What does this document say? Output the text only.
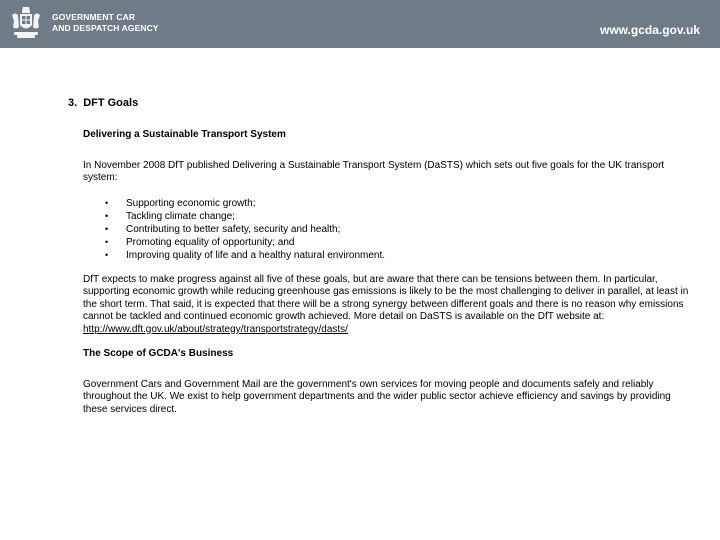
GOVERNMENT CAR
AND DESPATCH AGENCY	www.gcda.gov.uk
3. DFT Goals
Delivering a Sustainable Transport System
In November 2008 DfT published Delivering a Sustainable Transport System (DaSTS) which sets out five goals for the UK transport system:
• Supporting economic growth;
• Tackling climate change;
• Contributing to better safety, security and health;
• Promoting equality of opportunity; and
• Improving quality of life and a healthy natural environment.
DfT expects to make progress against all five of these goals, but are aware that there can be tensions between them. In particular, supporting economic growth while reducing greenhouse gas emissions is likely to be the most challenging to deliver in parallel, at least in the short term. That said, it is expected that there will be a strong synergy between different goals and there is no reason why emissions cannot be tackled and continued economic growth achieved. More detail on DaSTS is available on the DfT website at: http://www.dft.gov.uk/about/strategy/transportstrategy/dasts/
The Scope of GCDA's Business
Government Cars and Government Mail are the government's own services for moving people and documents safely and reliably throughout the UK. We exist to help government departments and the wider public sector achieve efficiency and savings by providing these services direct.
